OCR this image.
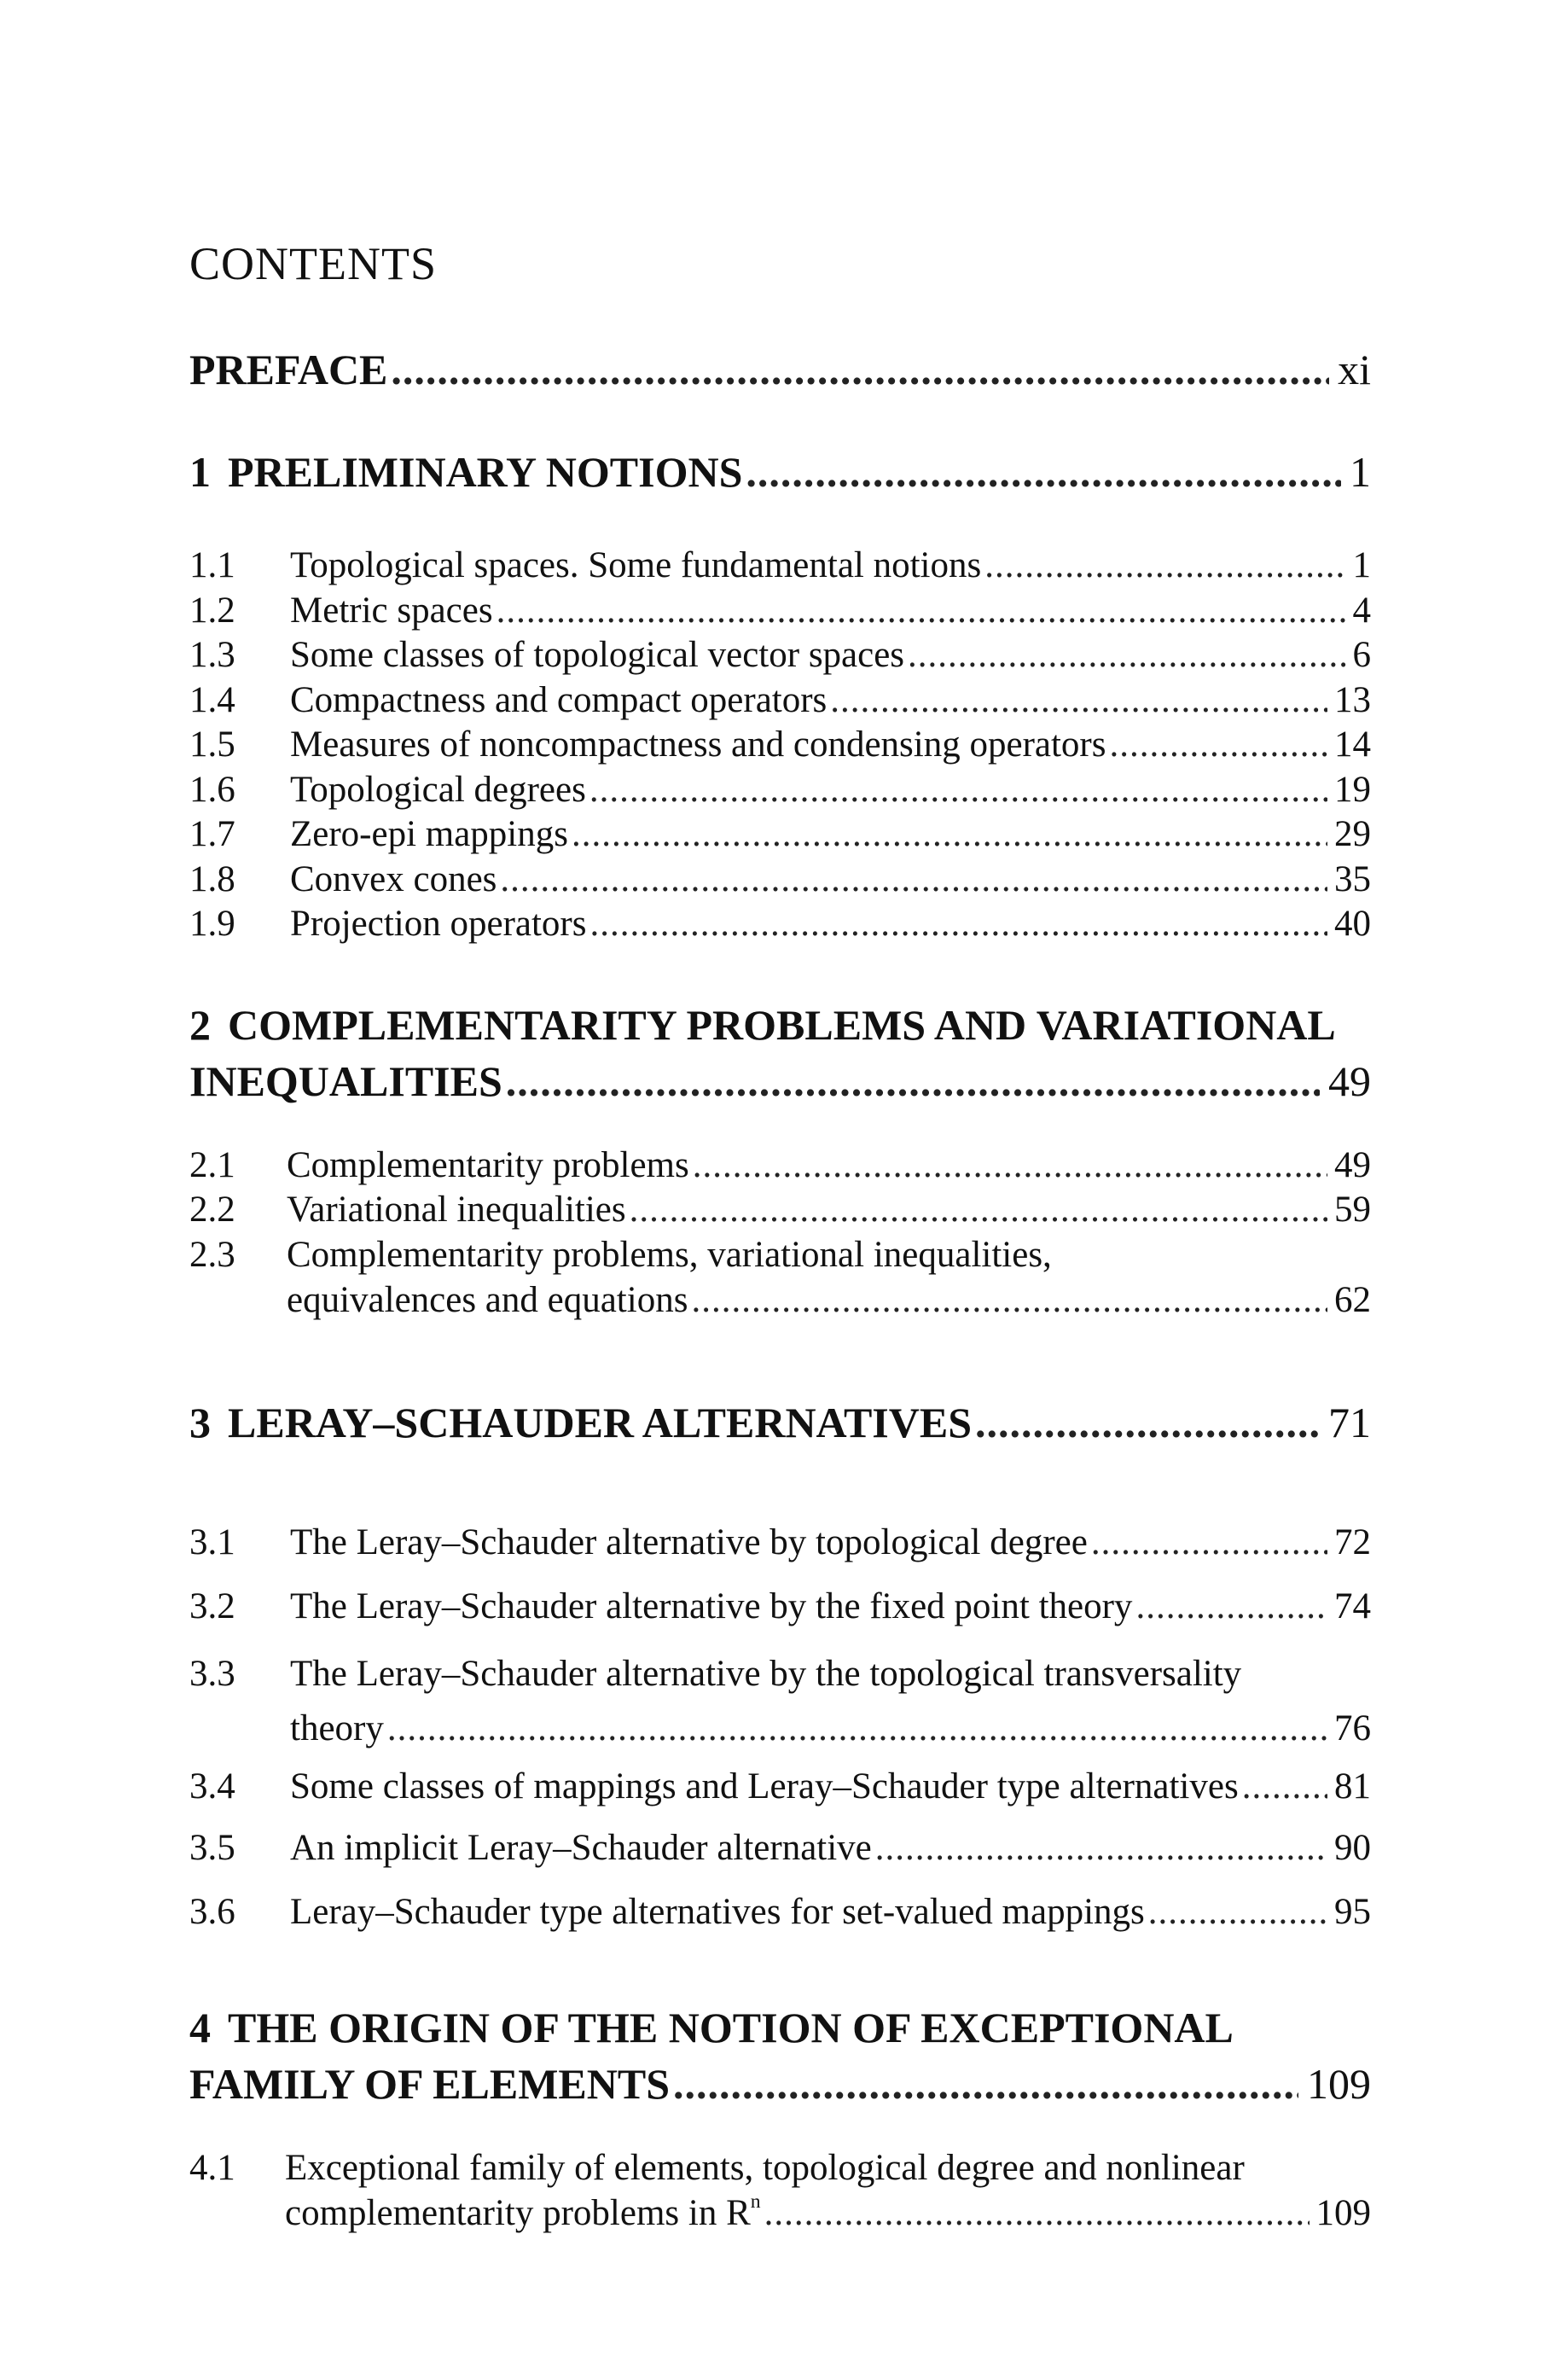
CONTENTS
PREFACE .....	xi
1 PRELIMINARY NOTIONS .....	1
1.1 Topological spaces. Some fundamental notions .....	1
1.2 Metric spaces .....	4
1.3 Some classes of topological vector spaces .....	6
1.4 Compactness and compact operators .....	13
1.5 Measures of noncompactness and condensing operators .....	14
1.6 Topological degrees .....	19
1.7 Zero-epi mappings .....	29
1.8 Convex cones .....	35
1.9 Projection operators .....	40
2 COMPLEMENTARITY PROBLEMS AND VARIATIONAL
INEQUALITIES .....	49
2.1 Complementarity problems .....	49
2.2 Variational inequalities .....	59
2.3 Complementarity problems, variational inequalities,
equivalences and equations .....	62
3 LERAY–SCHAUDER ALTERNATIVES .....	71
3.1 The Leray–Schauder alternative by topological degree .....	72
3.2 The Leray–Schauder alternative by the fixed point theory .....	74
3.3 The Leray–Schauder alternative by the topological transversality
theory .....	76
3.4 Some classes of mappings and Leray–Schauder type alternatives .....	81
3.5 An implicit Leray–Schauder alternative .....	90
3.6 Leray–Schauder type alternatives for set-valued mappings .....	95
4 THE ORIGIN OF THE NOTION OF EXCEPTIONAL
FAMILY OF ELEMENTS .....	109
4.1 Exceptional family of elements, topological degree and nonlinear
complementarity problems in $R^n$ .....	109
